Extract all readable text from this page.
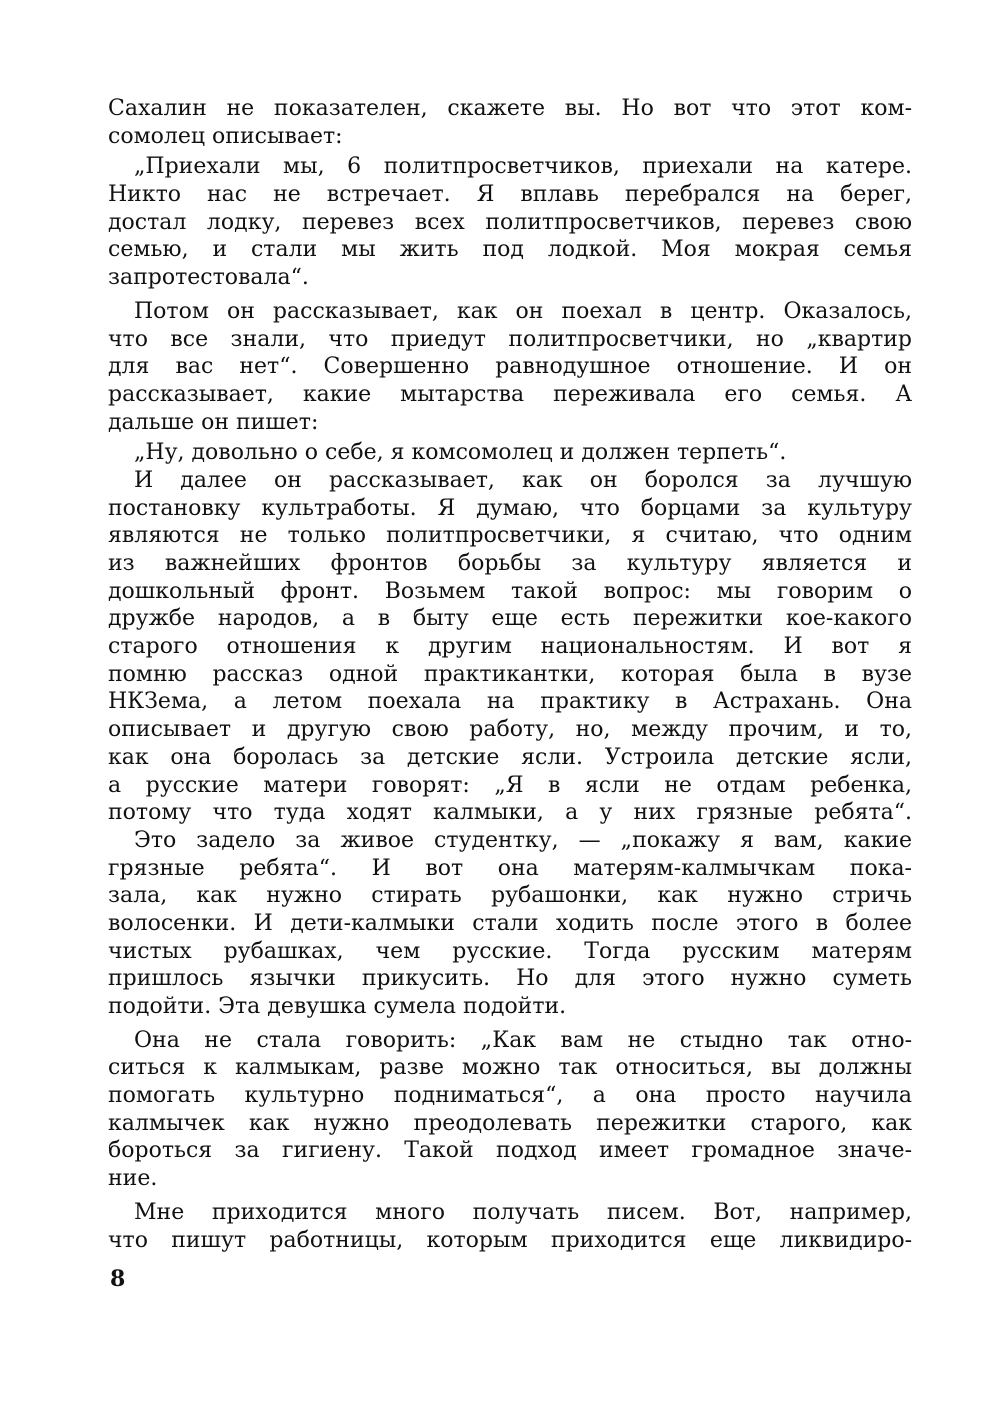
Сахалин не показателен, скажете вы. Но вот что этот ком-
сомолец описывает:
„Приехали мы, 6 политпросветчиков, приехали на катере.
Никто нас не встречает. Я вплавь перебрался на берег,
достал лодку, перевез всех политпросветчиков, перевез свою
семью, и стали мы жить под лодкой. Моя мокрая семья
запротестовала“.
Потом он рассказывает, как он поехал в центр. Оказалось,
что все знали, что приедут политпросветчики, но „квартир
для вас нет“. Совершенно равнодушное отношение. И он
рассказывает, какие мытарства переживала его семья. А
дальше он пишет:
„Ну, довольно о себе, я комсомолец и должен терпеть“.
И далее он рассказывает, как он боролся за лучшую
постановку культработы. Я думаю, что борцами за культуру
являются не только политпросветчики, я считаю, что одним
из важнейших фронтов борьбы за культуру является и
дошкольный фронт. Возьмем такой вопрос: мы говорим о
дружбе народов, а в быту еще есть пережитки кое-какого
старого отношения к другим национальностям. И вот я
помню рассказ одной практикантки, которая была в вузе
НКЗема, а летом поехала на практику в Астрахань. Она
описывает и другую свою работу, но, между прочим, и то,
как она боролась за детские ясли. Устроила детские ясли,
а русские матери говорят: „Я в ясли не отдам ребенка,
потому что туда ходят калмыки, а у них грязные ребята“.
Это задело за живое студентку, — „покажу я вам, какие
грязные ребята“. И вот она матерям-калмычкам пока-
зала, как нужно стирать рубашонки, как нужно стричь
волосенки. И дети-калмыки стали ходить после этого в более
чистых рубашках, чем русские. Тогда русским матерям
пришлось язычки прикусить. Но для этого нужно суметь
подойти. Эта девушка сумела подойти.
Она не стала говорить: „Как вам не стыдно так отно-
ситься к калмыкам, разве можно так относиться, вы должны
помогать культурно подниматься“, а она просто научила
калмычек как нужно преодолевать пережитки старого, как
бороться за гигиену. Такой подход имеет громадное значе-
ние.
Мне приходится много получать писем. Вот, например,
что пишут работницы, которым приходится еще ликвидиро-
8
